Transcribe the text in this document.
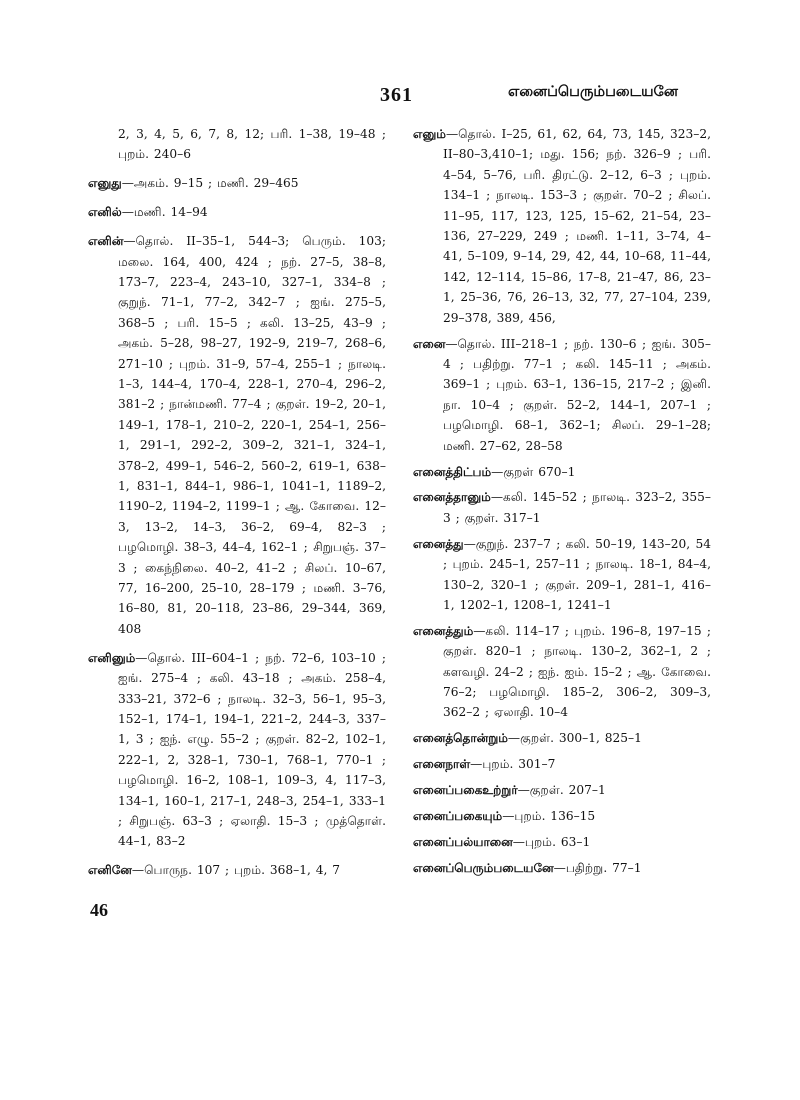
361	எனைப்பெரும்படையனே

2, 3, 4, 5, 6, 7, 8, 12; பரி. 1–38, 19–48 ; புறம். 240–6

எனுது—அகம். 9–15 ; மணி. 29–465

எனில்—மணி. 14–94

எனின்—தொல். II–35–1, 544–3; பெரும். 103; மலை. 164, 400, 424 ; நற். 27–5, 38–8, 173–7, 223–4, 243–10, 327–1, 334–8 ; குறுந். 71–1, 77–2, 342–7 ; ஐங். 275–5, 368–5 ; பரி. 15–5 ; கலி. 13–25, 43–9 ; அகம். 5–28, 98–27, 192–9, 219–7, 268–6, 271–10 ; புறம். 31–9, 57–4, 255–1 ; நாலடி. 1–3, 144–4, 170–4, 228–1, 270–4, 296–2, 381–2 ; நான்மணி. 77–4 ; குறள். 19–2, 20–1, 149–1, 178–1, 210–2, 220–1, 254–1, 256–1, 291–1, 292–2, 309–2, 321–1, 324–1, 378–2, 499–1, 546–2, 560–2, 619–1, 638–1, 831–1, 844–1, 986–1, 1041–1, 1189–2, 1190–2, 1194–2, 1199–1 ; ஆ. கோவை. 12–3, 13–2, 14–3, 36–2, 69–4, 82–3 ; பழமொழி. 38–3, 44–4, 162–1 ; சிறுபஞ். 37–3 ; கைந்நிலை. 40–2, 41–2 ; சிலப். 10–67, 77, 16–200, 25–10, 28–179 ; மணி. 3–76, 16–80, 81, 20–118, 23–86, 29–344, 369, 408

எனினும்—தொல். III–604–1 ; நற். 72–6, 103–10 ; ஐங். 275–4 ; கலி. 43–18 ; அகம். 258–4, 333–21, 372–6 ; நாலடி. 32–3, 56–1, 95–3, 152–1, 174–1, 194–1, 221–2, 244–3, 337–1, 3 ; ஐந். எழு. 55–2 ; குறள். 82–2, 102–1, 222–1, 2, 328–1, 730–1, 768–1, 770–1 ; பழமொழி. 16–2, 108–1, 109–3, 4, 117–3, 134–1, 160–1, 217–1, 248–3, 254–1, 333–1 ; சிறுபஞ். 63–3 ; ஏலாதி. 15–3 ; முத்தொள். 44–1, 83–2

எனினே—பொருந. 107 ; புறம். 368–1, 4, 7

எனும்—தொல். I–25, 61, 62, 64, 73, 145, 323–2, II–80–3,410–1; மது. 156; நற். 326–9 ; பரி. 4–54, 5–76, பரி. திரட்டு. 2–12, 6–3 ; புறம். 134–1 ; நாலடி. 153–3 ; குறள். 70–2 ; சிலப். 11–95, 117, 123, 125, 15–62, 21–54, 23–136, 27–229, 249 ; மணி. 1–11, 3–74, 4–41, 5–109, 9–14, 29, 42, 44, 10–68, 11–44, 142, 12–114, 15–86, 17–8, 21–47, 86, 23–1, 25–36, 76, 26–13, 32, 77, 27–104, 239, 29–378, 389, 456,

எனை—தொல். III–218–1 ; நற். 130–6 ; ஐங். 305–4 ; பதிற்று. 77–1 ; கலி. 145–11 ; அகம். 369–1 ; புறம். 63–1, 136–15, 217–2 ; இனி. நா. 10–4 ; குறள். 52–2, 144–1, 207–1 ; பழமொழி. 68–1, 362–1; சிலப். 29–1–28; மணி. 27–62, 28–58

எனைத்திட்பம்—குறள் 670–1

எனைத்தானும்—கலி. 145–52 ; நாலடி. 323–2, 355–3 ; குறள். 317–1

எனைத்து—குறுந். 237–7 ; கலி. 50–19, 143–20, 54 ; புறம். 245–1, 257–11 ; நாலடி. 18–1, 84–4, 130–2, 320–1 ; குறள். 209–1, 281–1, 416–1, 1202–1, 1208–1, 1241–1

எனைத்தும்—கலி. 114–17 ; புறம். 196–8, 197–15 ; குறள். 820–1 ; நாலடி. 130–2, 362–1, 2 ; களவழி. 24–2 ; ஐந். ஐம். 15–2 ; ஆ. கோவை. 76–2; பழமொழி. 185–2, 306–2, 309–3, 362–2 ; ஏலாதி. 10–4

எனைத்தொன்றும்—குறள். 300–1, 825–1

எனைநாள்—புறம். 301–7

எனைப்பகைஉற்றுர்—குறள். 207–1

எனைப்பகையும்—புறம். 136–15

எனைப்பல்யானை—புறம். 63–1

எனைப்பெரும்படையனே—பதிற்று. 77–1

46
